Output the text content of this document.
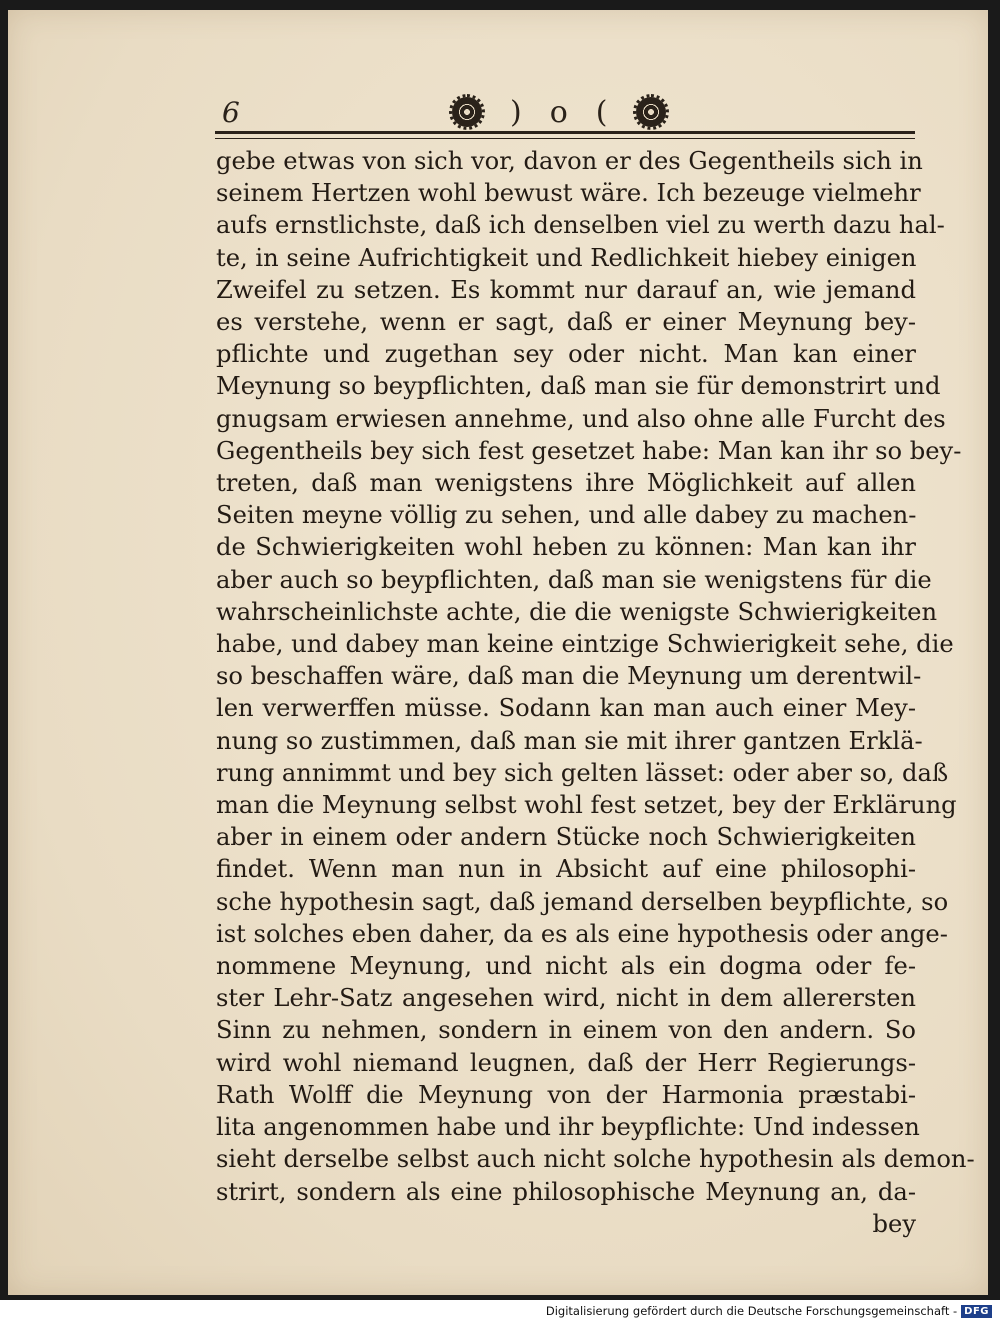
6	) o (
gebe etwas von sich vor, davon er des Gegentheils sich in
seinem Hertzen wohl bewust wäre. Ich bezeuge vielmehr
aufs ernstlichste, daß ich denselben viel zu werth dazu hal-
te, in seine Aufrichtigkeit und Redlichkeit hiebey einigen
Zweifel zu setzen. Es kommt nur darauf an, wie jemand
es verstehe, wenn er sagt, daß er einer Meynung bey-
pflichte und zugethan sey oder nicht. Man kan einer
Meynung so beypflichten, daß man sie für demonstrirt und
gnugsam erwiesen annehme, und also ohne alle Furcht des
Gegentheils bey sich fest gesetzet habe: Man kan ihr so bey-
treten, daß man wenigstens ihre Möglichkeit auf allen
Seiten meyne völlig zu sehen, und alle dabey zu machen-
de Schwierigkeiten wohl heben zu können: Man kan ihr
aber auch so beypflichten, daß man sie wenigstens für die
wahrscheinlichste achte, die die wenigste Schwierigkeiten
habe, und dabey man keine eintzige Schwierigkeit sehe, die
so beschaffen wäre, daß man die Meynung um derentwil-
len verwerffen müsse. Sodann kan man auch einer Mey-
nung so zustimmen, daß man sie mit ihrer gantzen Erklä-
rung annimmt und bey sich gelten lässet: oder aber so, daß
man die Meynung selbst wohl fest setzet, bey der Erklärung
aber in einem oder andern Stücke noch Schwierigkeiten
findet. Wenn man nun in Absicht auf eine philosophi-
sche hypothesin sagt, daß jemand derselben beypflichte, so
ist solches eben daher, da es als eine hypothesis oder ange-
nommene Meynung, und nicht als ein dogma oder fe-
ster Lehr-Satz angesehen wird, nicht in dem allerersten
Sinn zu nehmen, sondern in einem von den andern. So
wird wohl niemand leugnen, daß der Herr Regierungs-
Rath Wolff die Meynung von der Harmonia præstabi-
lita angenommen habe und ihr beypflichte: Und indessen
sieht derselbe selbst auch nicht solche hypothesin als demon-
strirt, sondern als eine philosophische Meynung an, da-
bey
Digitalisierung gefördert durch die Deutsche Forschungsgemeinschaft - DFG
